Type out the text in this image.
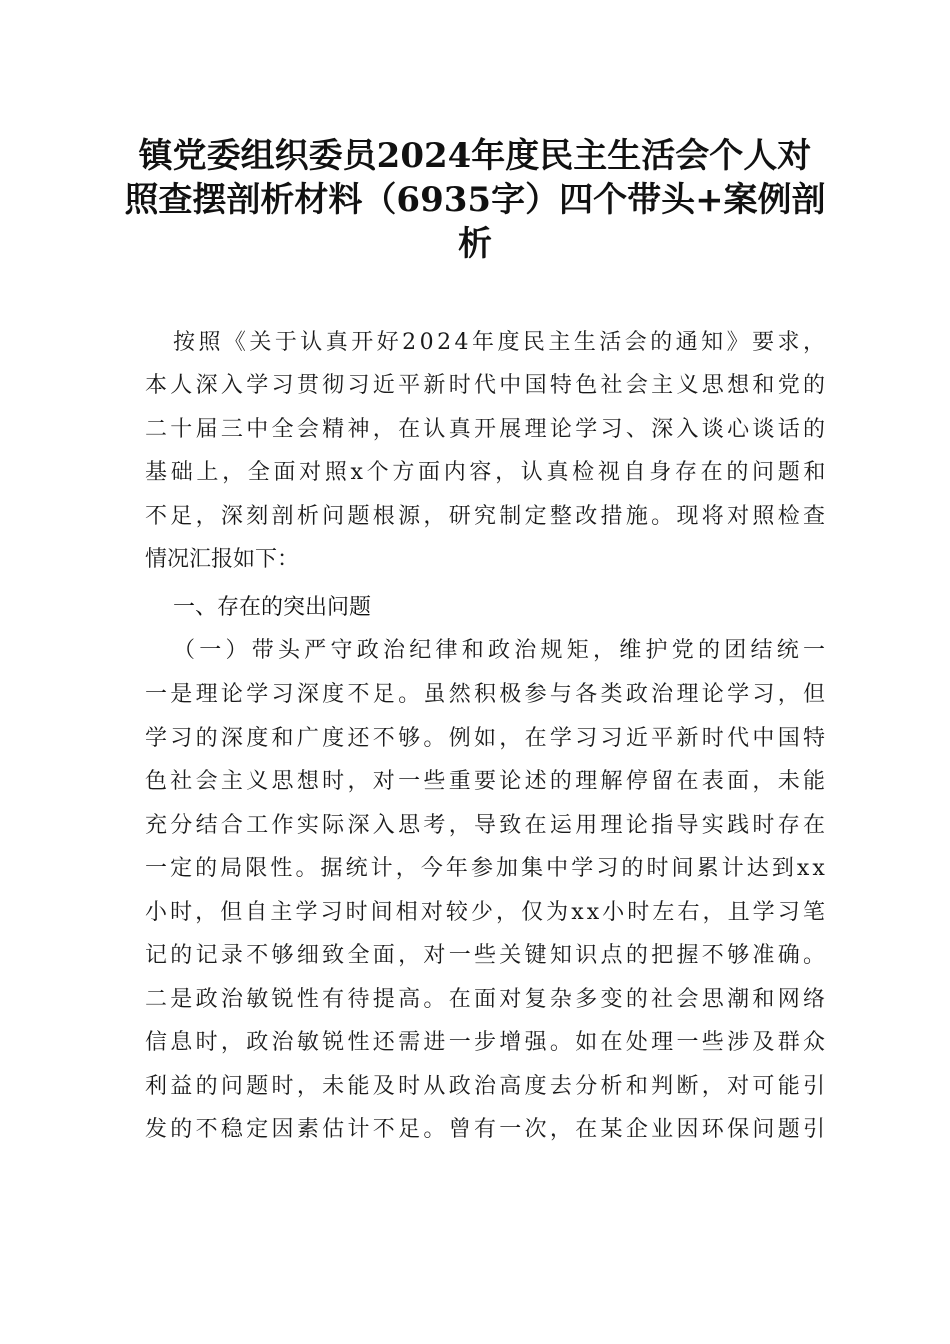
镇党委组织委员2024年度民主生活会个人对
照查摆剖析材料（6935字）四个带头+案例剖
析
按照《关于认真开好2024年度民主生活会的通知》要求，
本人深入学习贯彻习近平新时代中国特色社会主义思想和党的
二十届三中全会精神，在认真开展理论学习、深入谈心谈话的
基础上，全面对照x个方面内容，认真检视自身存在的问题和
不足，深刻剖析问题根源，研究制定整改措施。现将对照检查
情况汇报如下：
一、存在的突出问题
（一）带头严守政治纪律和政治规矩，维护党的团结统一
一是理论学习深度不足。虽然积极参与各类政治理论学习，但
学习的深度和广度还不够。例如，在学习习近平新时代中国特
色社会主义思想时，对一些重要论述的理解停留在表面，未能
充分结合工作实际深入思考，导致在运用理论指导实践时存在
一定的局限性。据统计，今年参加集中学习的时间累计达到xx
小时，但自主学习时间相对较少，仅为xx小时左右，且学习笔
记的记录不够细致全面，对一些关键知识点的把握不够准确。
二是政治敏锐性有待提高。在面对复杂多变的社会思潮和网络
信息时，政治敏锐性还需进一步增强。如在处理一些涉及群众
利益的问题时，未能及时从政治高度去分析和判断，对可能引
发的不稳定因素估计不足。曾有一次，在某企业因环保问题引
